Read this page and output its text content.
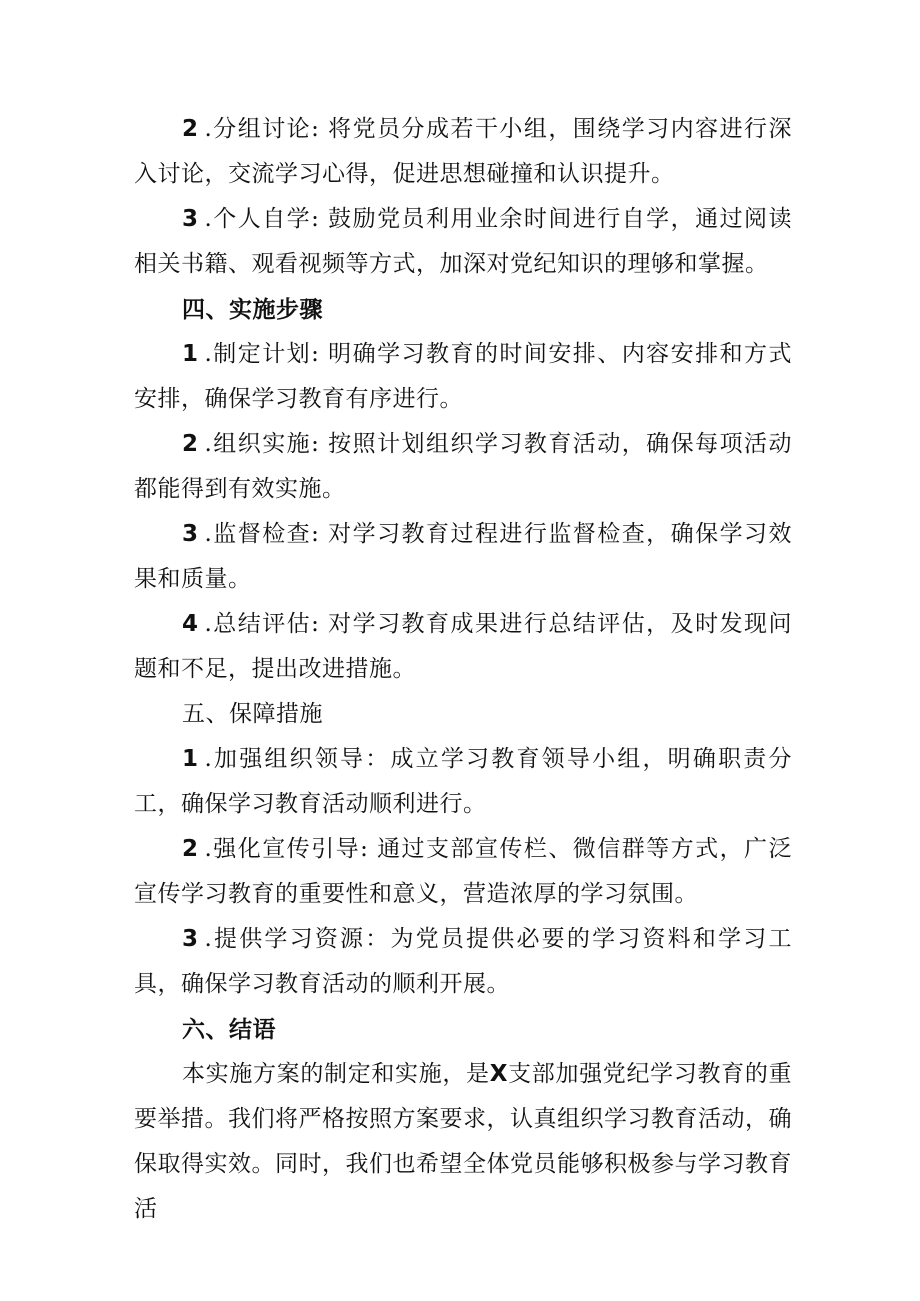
2 .分组讨论: 将党员分成若干小组，围绕学习内容进行深入讨论，交流学习心得，促进思想碰撞和认识提升。

3 .个人自学: 鼓励党员利用业余时间进行自学，通过阅读相关书籍、观看视频等方式，加深对党纪知识的理够和掌握。

四、实施步骤

1 .制定计划: 明确学习教育的时间安排、内容安排和方式安排，确保学习教育有序进行。

2 .组织实施: 按照计划组织学习教育活动，确保每项活动都能得到有效实施。

3 .监督检查: 对学习教育过程进行监督检查，确保学习效果和质量。

4 .总结评估: 对学习教育成果进行总结评估，及时发现问题和不足，提出改进措施。

五、保障措施

1 .加强组织领导：成立学习教育领导小组，明确职责分工，确保学习教育活动顺利进行。

2 .强化宣传引导: 通过支部宣传栏、微信群等方式，广泛宣传学习教育的重要性和意义，营造浓厚的学习氛围。

3 .提供学习资源：为党员提供必要的学习资料和学习工具，确保学习教育活动的顺利开展。

六、结语

本实施方案的制定和实施，是X支部加强党纪学习教育的重要举措。我们将严格按照方案要求，认真组织学习教育活动，确保取得实效。同时，我们也希望全体党员能够积极参与学习教育活
